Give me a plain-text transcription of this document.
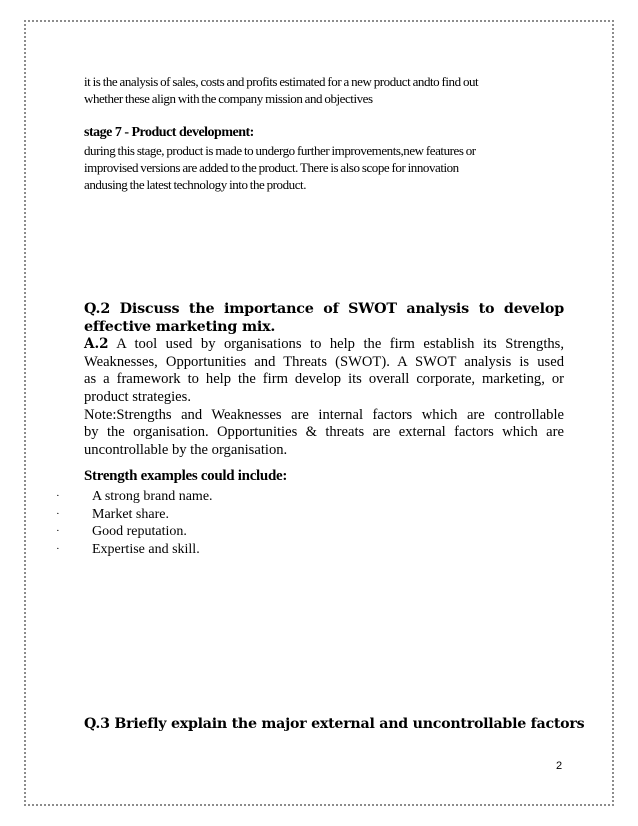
it is the analysis of sales, costs and profits estimated for a new product andto find out

whether these align with the company mission and objectives

stage 7 - Product development:

during this stage, product is made to undergo further improvements,new features or

improvised versions are added to the product. There is also scope for innovation

andusing the latest technology into the product.

Q.2 Discuss the importance of SWOT analysis to develop

effective marketing mix.

A.2 A tool used by organisations to help the firm establish its Strengths,

Weaknesses, Opportunities and Threats (SWOT). A SWOT analysis is used

as a framework to help the firm develop its overall corporate, marketing, or

product strategies.

Note:Strengths and Weaknesses are internal factors which are controllable

by the organisation. Opportunities & threats are external factors which are

uncontrollable by the organisation.

Strength examples could include:
· A strong brand name.
· Market share.
· Good reputation.
· Expertise and skill.
Q.3 Briefly explain the major external and uncontrollable factors
2
